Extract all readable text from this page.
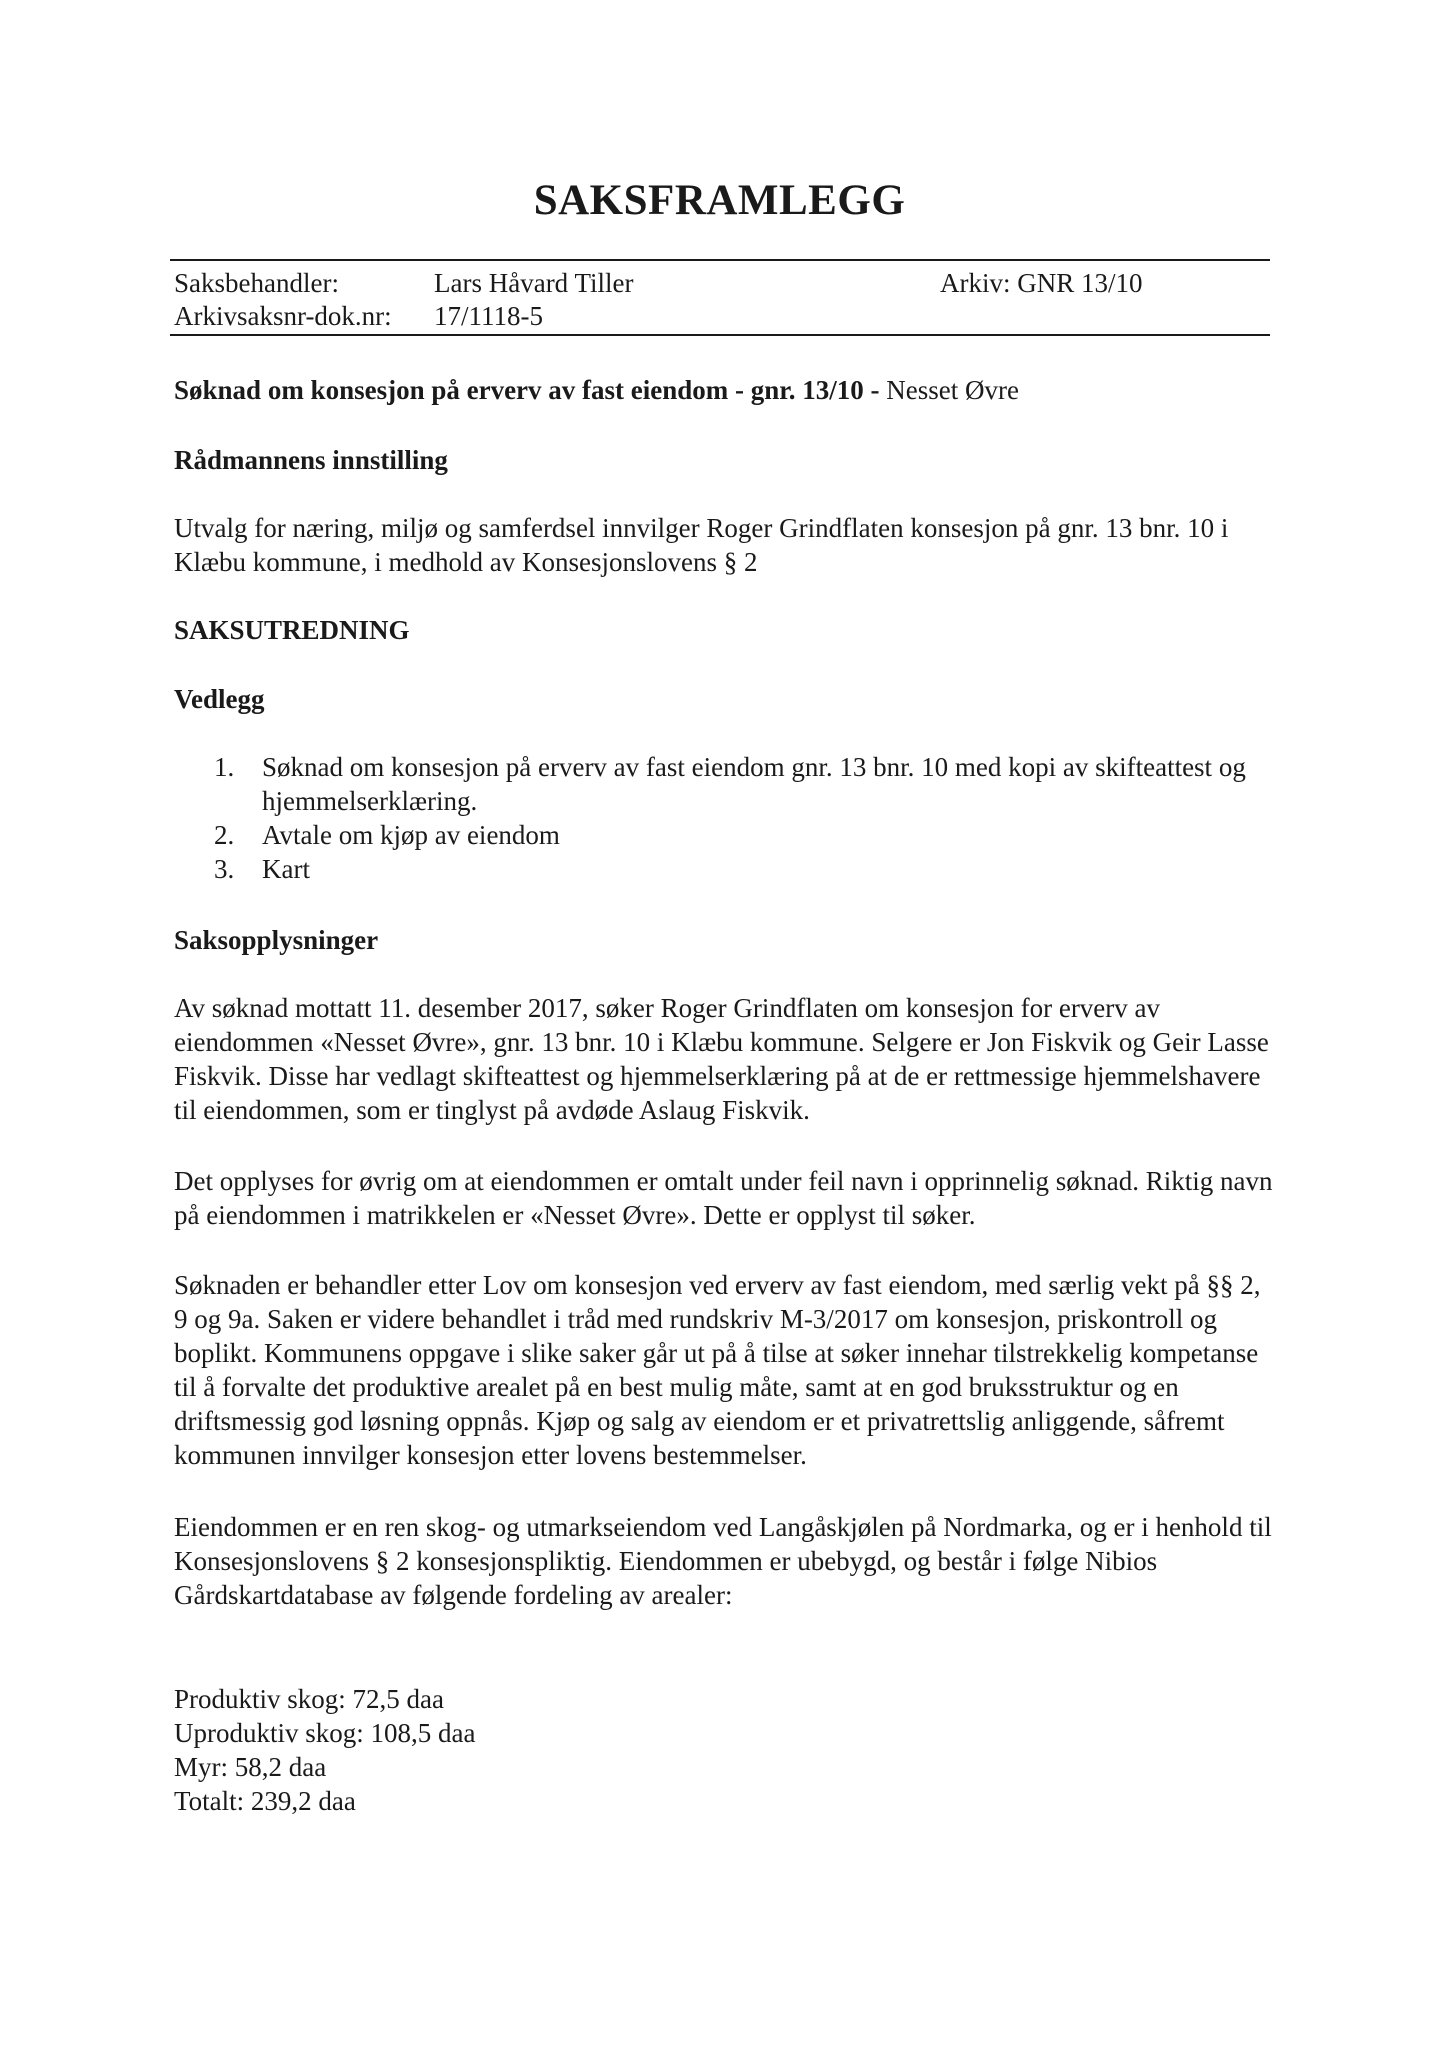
SAKSFRAMLEGG
Saksbehandler:	Lars Håvard Tiller	Arkiv: GNR 13/10
Arkivsaksnr-dok.nr: 17/1118-5

Søknad om konsesjon på erverv av fast eiendom - gnr. 13/10 - Nesset Øvre

Rådmannens innstilling

Utvalg for næring, miljø og samferdsel innvilger Roger Grindflaten konsesjon på gnr. 13 bnr. 10 i Klæbu kommune, i medhold av Konsesjonslovens § 2

SAKSUTREDNING

Vedlegg

1. Søknad om konsesjon på erverv av fast eiendom gnr. 13 bnr. 10 med kopi av skifteattest og hjemmelserklæring.
2. Avtale om kjøp av eiendom
3. Kart

Saksopplysninger

Av søknad mottatt 11. desember 2017, søker Roger Grindflaten om konsesjon for erverv av eiendommen «Nesset Øvre», gnr. 13 bnr. 10 i Klæbu kommune. Selgere er Jon Fiskvik og Geir Lasse Fiskvik. Disse har vedlagt skifteattest og hjemmelserklæring på at de er rettmessige hjemmelshavere til eiendommen, som er tinglyst på avdøde Aslaug Fiskvik.

Det opplyses for øvrig om at eiendommen er omtalt under feil navn i opprinnelig søknad. Riktig navn på eiendommen i matrikkelen er «Nesset Øvre». Dette er opplyst til søker.

Søknaden er behandler etter Lov om konsesjon ved erverv av fast eiendom, med særlig vekt på §§ 2, 9 og 9a. Saken er videre behandlet i tråd med rundskriv M-3/2017 om konsesjon, priskontroll og boplikt. Kommunens oppgave i slike saker går ut på å tilse at søker innehar tilstrekkelig kompetanse til å forvalte det produktive arealet på en best mulig måte, samt at en god bruksstruktur og en driftsmessig god løsning oppnås. Kjøp og salg av eiendom er et privatrettslig anliggende, såfremt kommunen innvilger konsesjon etter lovens bestemmelser.

Eiendommen er en ren skog- og utmarkseiendom ved Langåskjølen på Nordmarka, og er i henhold til Konsesjonslovens § 2 konsesjonspliktig. Eiendommen er ubebygd, og består i følge Nibios Gårdskartdatabase av følgende fordeling av arealer:

Produktiv skog: 72,5 daa
Uproduktiv skog: 108,5 daa
Myr: 58,2 daa
Totalt: 239,2 daa
